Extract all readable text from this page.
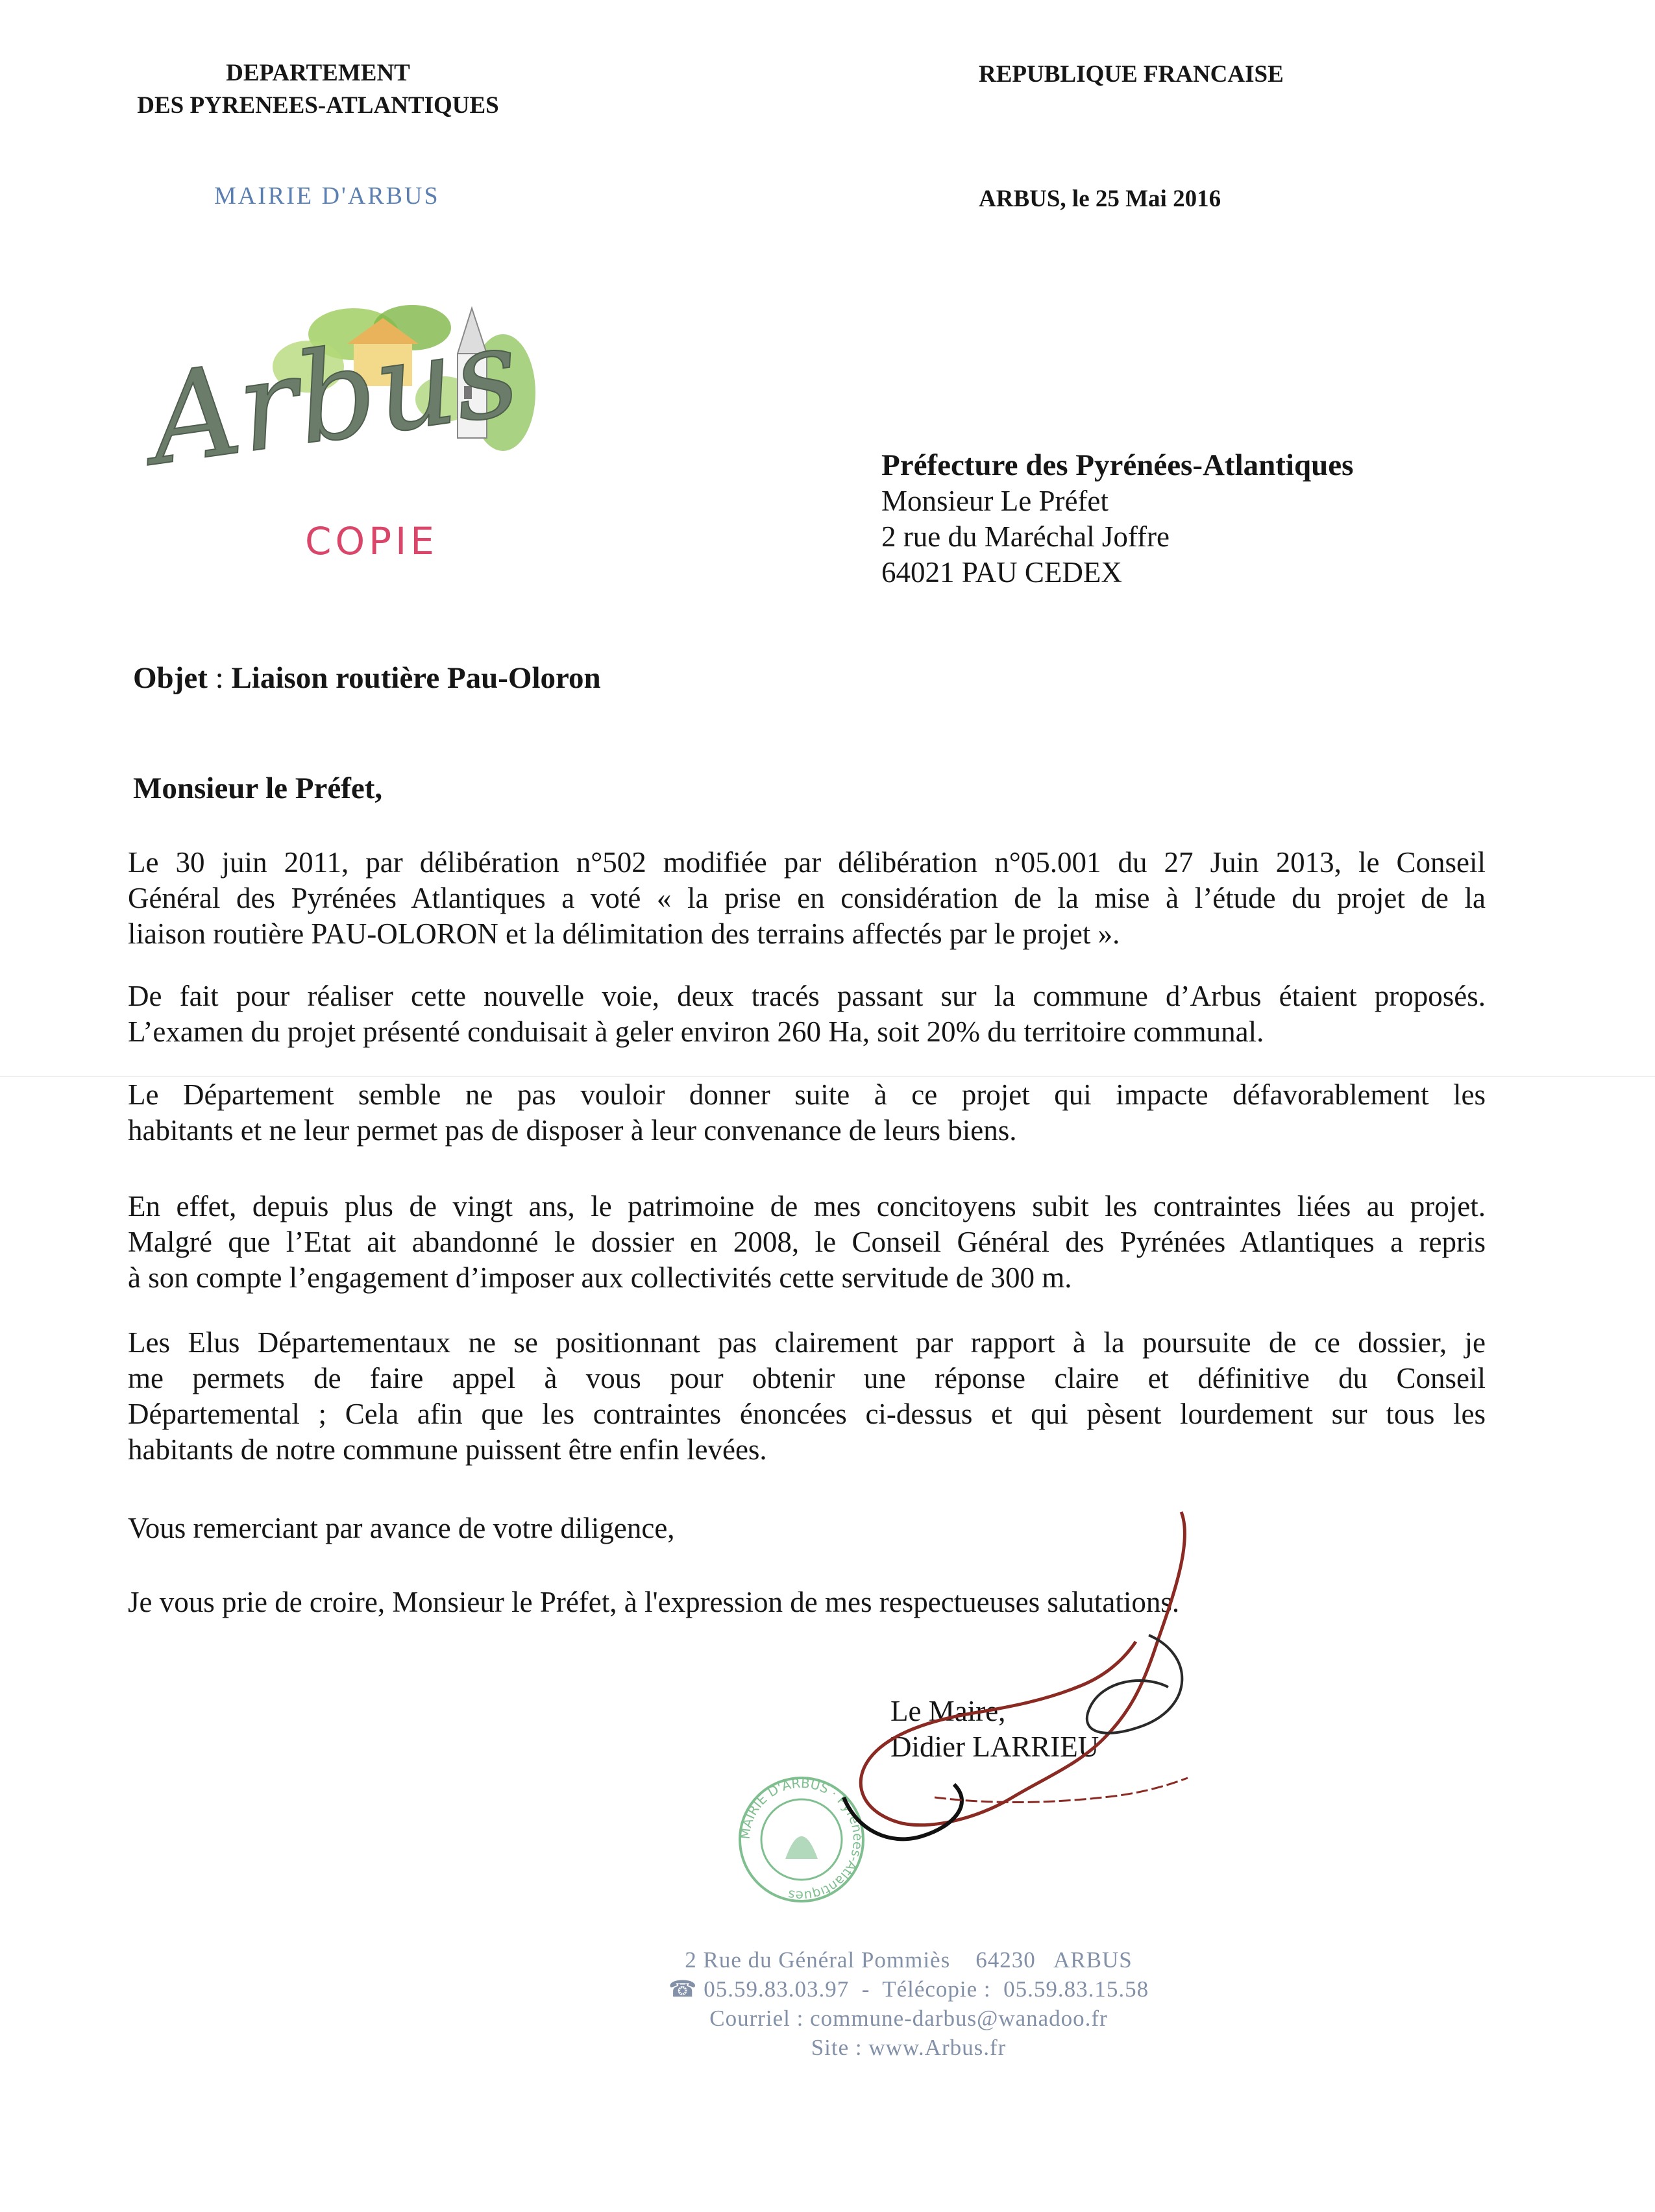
DEPARTEMENT
DES PYRENEES-ATLANTIQUES
REPUBLIQUE FRANCAISE
MAIRIE D'ARBUS	ARBUS, le 25 Mai 2016
Arbus
COPIE
Préfecture des Pyrénées-Atlantiques
Monsieur Le Préfet
2 rue du Maréchal Joffre
64021 PAU CEDEX
Objet : Liaison routière Pau-Oloron
Monsieur le Préfet,
Le 30 juin 2011, par délibération n°502 modifiée par délibération n°05.001 du 27 Juin 2013, le Conseil
Général des Pyrénées Atlantiques a voté « la prise en considération de la mise à l’étude du projet de la
liaison routière PAU-OLORON et la délimitation des terrains affectés par le projet ».
De fait pour réaliser cette nouvelle voie, deux tracés passant sur la commune d’Arbus étaient proposés.
L’examen du projet présenté conduisait à geler environ 260 Ha, soit 20% du territoire communal.
Le Département semble ne pas vouloir donner suite à ce projet qui impacte défavorablement les
habitants et ne leur permet pas de disposer à leur convenance de leurs biens.
En effet, depuis plus de vingt ans, le patrimoine de mes concitoyens subit les contraintes liées au projet.
Malgré que l’Etat ait abandonné le dossier en 2008, le Conseil Général des Pyrénées Atlantiques a repris
à son compte l’engagement d’imposer aux collectivités cette servitude de 300 m.
Les Elus Départementaux ne se positionnant pas clairement par rapport à la poursuite de ce dossier, je
me permets de faire appel à vous pour obtenir une réponse claire et définitive du Conseil
Départemental ; Cela afin que les contraintes énoncées ci-dessus et qui pèsent lourdement sur tous les
habitants de notre commune puissent être enfin levées.
Vous remerciant par avance de votre diligence,
Je vous prie de croire, Monsieur le Préfet, à l'expression de mes respectueuses salutations.
Le Maire,
Didier LARRIEU
MAIRIE D'ARBUS · Pyrénées-Atlantiques
2 Rue du Général Pommiès    64230   ARBUS
☎ 05.59.83.03.97  -  Télécopie :  05.59.83.15.58
Courriel : commune-darbus@wanadoo.fr
Site : www.Arbus.fr
